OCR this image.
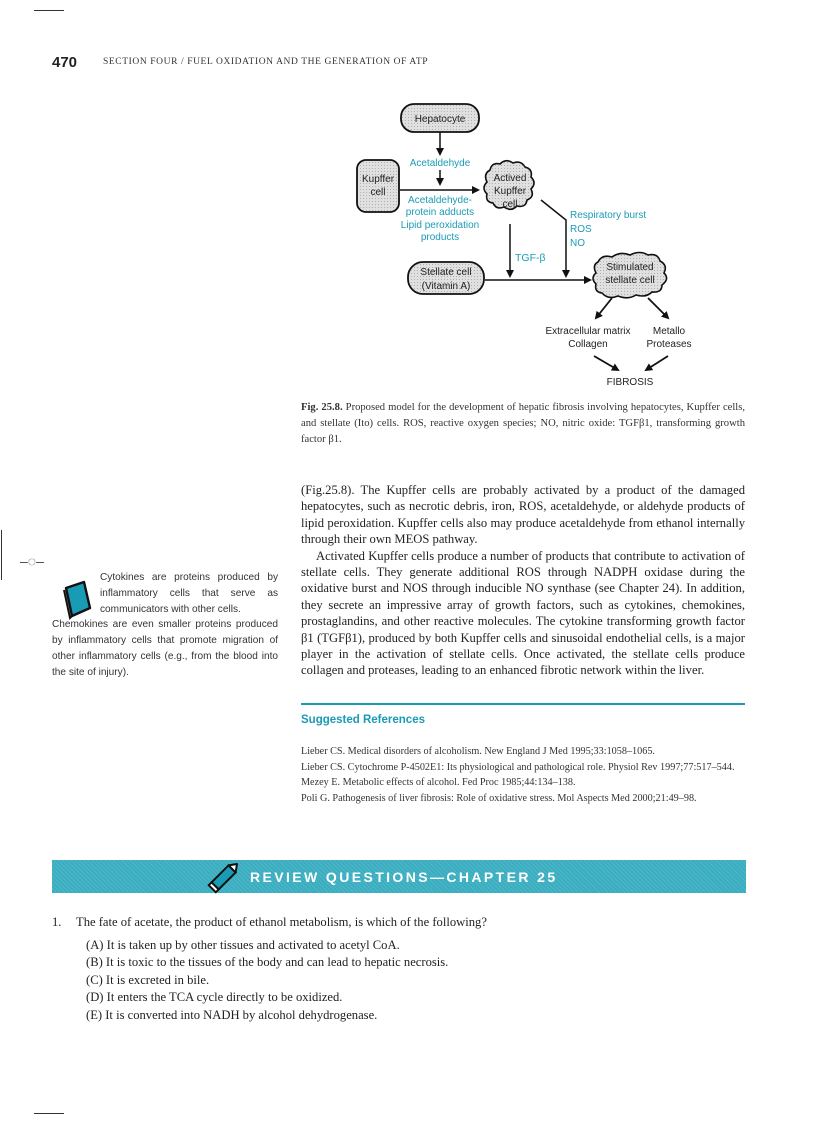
–◌–
470	SECTION FOUR / FUEL OXIDATION AND THE GENERATION OF ATP
Hepatocyte
Acetaldehyde
Kupffer
cell
Acetaldehyde-
protein adducts
Lipid peroxidation
products
Actived
Kupffer
cell
TGF-β
Respiratory burst
ROS
NO
Stellate cell
(Vitamin A)
Stimulated
stellate cell
Extracellular matrix
Collagen
Metallo
Proteases
FIBROSIS
Fig. 25.8. Proposed model for the development of hepatic fibrosis involving hepatocytes, Kupffer cells, and stellate (Ito) cells. ROS, reactive oxygen species; NO, nitric oxide: TGFβ1, transforming growth factor β1.

(Fig.25.8). The Kupffer cells are probably activated by a product of the damaged hepatocytes, such as necrotic debris, iron, ROS, acetaldehyde, or aldehyde products of lipid peroxidation. Kupffer cells also may produce acetaldehyde from ethanol internally through their own MEOS pathway.

Activated Kupffer cells produce a number of products that contribute to activation of stellate cells. They generate additional ROS through NADPH oxidase during the oxidative burst and NOS through inducible NO synthase (see Chapter 24). In addition, they secrete an impressive array of growth factors, such as cytokines, chemokines, prostaglandins, and other reactive molecules. The cytokine transforming growth factor β1 (TGFβ1), produced by both Kupffer cells and sinusoidal endothelial cells, is a major player in the activation of stellate cells. Once activated, the stellate cells produce collagen and proteases, leading to an enhanced fibrotic network within the liver.

Cytokines are proteins produced by inflammatory cells that serve as communicators with other cells.
Chemokines are even smaller proteins produced by inflammatory cells that promote migration of other inflammatory cells (e.g., from the blood into the site of injury).
Suggested References
Lieber CS. Medical disorders of alcoholism. New England J Med 1995;33:1058–1065.
Lieber CS. Cytochrome P-4502E1: Its physiological and pathological role. Physiol Rev 1997;77:517–544.
Mezey E. Metabolic effects of alcohol. Fed Proc 1985;44:134–138.
Poli G. Pathogenesis of liver fibrosis: Role of oxidative stress. Mol Aspects Med 2000;21:49–98.
REVIEW QUESTIONS—CHAPTER 25
1. The fate of acetate, the product of ethanol metabolism, is which of the following?
(A) It is taken up by other tissues and activated to acetyl CoA.
(B) It is toxic to the tissues of the body and can lead to hepatic necrosis.
(C) It is excreted in bile.
(D) It enters the TCA cycle directly to be oxidized.
(E) It is converted into NADH by alcohol dehydrogenase.
